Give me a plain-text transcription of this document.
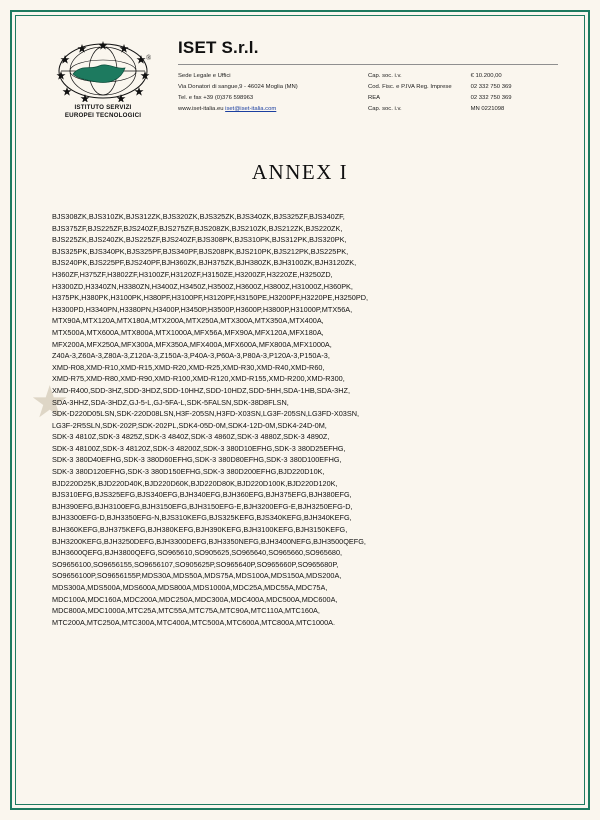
®
ISTITUTO SERVIZI
EUROPEI TECNOLOGICI
ISET S.r.l.
Sede Legale e Uffici	Cap. soc. i.v.	€ 10.200,00
Via Donatori di sangue,9 - 46024 Moglia (MN)	Cod. Fisc. e P.IVA Reg. Imprese	02 332 750 369
Tel. e fax +39 (0)376 598963	REA	02 332 750 369
www.iset-italia.eu iset@iset-italia.com	Cap. soc. i.v.	MN 0221098
ANNEX I
★
BJS308ZK,BJS310ZK,BJS312ZK,BJS320ZK,BJS325ZK,BJS340ZK,BJS325ZF,BJS340ZF,
BJS375ZF,BJS225ZF,BJS240ZF,BJS275ZF,BJS208ZK,BJS210ZK,BJS212ZK,BJS220ZK,
BJS225ZK,BJS240ZK,BJS225ZF,BJS240ZF,BJS308PK,BJS310PK,BJS312PK,BJS320PK,
BJS325PK,BJS340PK,BJS325PF,BJS340PF,BJS208PK,BJS210PK,BJS212PK,BJS225PK,
BJS240PK,BJS225PF,BJS240PF,BJH360ZK,BJH375ZK,BJH380ZK,BJH3100ZK,BJH3120ZK,
H360ZF,H375ZF,H3802ZF,H3100ZF,H3120ZF,H3150ZE,H3200ZF,H3220ZE,H3250ZD,
H3300ZD,H3340ZN,H3380ZN,H3400Z,H3450Z,H3500Z,H3600Z,H3800Z,H31000Z,H360PK,
H375PK,H380PK,H3100PK,H380PF,H3100PF,H3120PF,H3150PE,H3200PF,H3220PE,H3250PD,
H3300PD,H3340PN,H3380PN,H3400P,H3450P,H3500P,H3600P,H3800P,H31000P,MTX56A,
MTX90A,MTX120A,MTX180A,MTX200A,MTX250A,MTX300A,MTX350A,MTX400A,
MTX500A,MTX600A,MTX800A,MTX1000A,MFX56A,MFX90A,MFX120A,MFX180A,
MFX200A,MFX250A,MFX300A,MFX350A,MFX400A,MFX600A,MFX800A,MFX1000A,
Z40A-3,Z60A-3,Z80A-3,Z120A-3,Z150A-3,P40A-3,P60A-3,P80A-3,P120A-3,P150A-3,
XMD-R08,XMD-R10,XMD-R15,XMD-R20,XMD-R25,XMD-R30,XMD-R40,XMD-R60,
XMD-R75,XMD-R80,XMD-R90,XMD-R100,XMD-R120,XMD-R155,XMD-R200,XMD-R300,
XMD-R400,SDD-3HZ,SDD-3HDZ,SDD-10HHZ,SDD-10HDZ,SDD-5HH,SDA-1HB,SDA-3HZ,
SDA-3HHZ,SDA-3HDZ,GJ-5-L,GJ-5FA-L,SDK-5FALSN,SDK-38D8FLSN,
SDK-D220D05LSN,SDK-220D08LSN,H3F-205SN,H3FD-X03SN,LG3F-205SN,LG3FD-X03SN,
LG3F-2R5SLN,SDK-202P,SDK-202PL,SDK4-05D-0M,SDK4-12D-0M,SDK4-24D-0M,
SDK-3 4810Z,SDK-3 4825Z,SDK-3 4840Z,SDK-3 4860Z,SDK-3 4880Z,SDK-3 4890Z,
SDK-3 48100Z,SDK-3 48120Z,SDK-3 48200Z,SDK-3 380D10EFHG,SDK-3 380D25EFHG,
SDK-3 380D40EFHG,SDK-3 380D60EFHG,SDK-3 380D80EFHG,SDK-3 380D100EFHG,
SDK-3 380D120EFHG,SDK-3 380D150EFHG,SDK-3 380D200EFHG,BJD220D10K,
BJD220D25K,BJD220D40K,BJD220D60K,BJD220D80K,BJD220D100K,BJD220D120K,
BJS310EFG,BJS325EFG,BJS340EFG,BJH340EFG,BJH360EFG,BJH375EFG,BJH380EFG,
BJH390EFG,BJH3100EFG,BJH3150EFG,BJH3150EFG-E,BJH3200EFG-E,BJH3250EFG-D,
BJH3300EFG-D,BJH3350EFG-N,BJS310KEFG,BJS325KEFG,BJS340KEFG,BJH340KEFG,
BJH360KEFG,BJH375KEFG,BJH380KEFG,BJH390KEFG,BJH3100KEFG,BJH3150KEFG,
BJH3200KEFG,BJH3250DEFG,BJH3300DEFG,BJH3350NEFG,BJH3400NEFG,BJH3500QEFG,
BJH3600QEFG,BJH3800QEFG,SO965610,SO905625,SO965640,SO965660,SO965680,
SO9656100,SO9656155,SO9656107,SO905625P,SO965640P,SO965660P,SO965680P,
SO9656100P,SO9656155P,MDS30A,MDS50A,MDS75A,MDS100A,MDS150A,MDS200A,
MDS300A,MDS500A,MDS600A,MDS800A,MDS1000A,MDC25A,MDC55A,MDC75A,
MDC100A,MDC160A,MDC200A,MDC250A,MDC300A,MDC400A,MDC500A,MDC600A,
MDC800A,MDC1000A,MTC25A,MTC55A,MTC75A,MTC90A,MTC110A,MTC160A,
MTC200A,MTC250A,MTC300A,MTC400A,MTC500A,MTC600A,MTC800A,MTC1000A.
